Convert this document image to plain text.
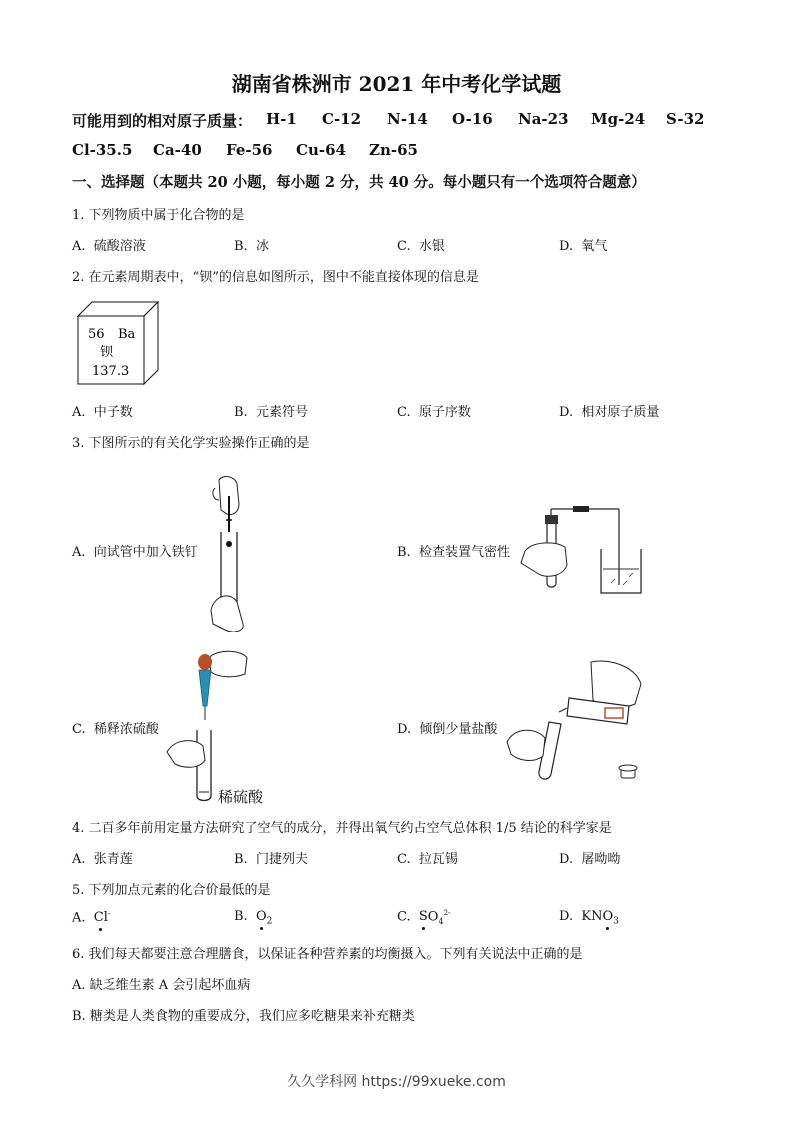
湖南省株洲市 2021 年中考化学试题
可能用到的相对原子质量： H-1 C-12 N-14 O-16 Na-23 Mg-24 S-32
Cl-35.5 Ca-40 Fe-56 Cu-64 Zn-65
一、选择题（本题共 20 小题，每小题 2 分，共 40 分。每小题只有一个选项符合题意）
1. 下列物质中属于化合物的是
A. 硫酸溶液	B. 冰	C. 水银	D. 氧气
2. 在元素周期表中，“钡”的信息如图所示，图中不能直接体现的信息是
56 Ba
钡
137.3
A. 中子数	B. 元素符号	C. 原子序数	D. 相对原子质量
3. 下图所示的有关化学实验操作正确的是
A. 向试管中加入铁钉	B. 检查装置气密性
稀硫酸
C. 稀释浓硫酸	D. 倾倒少量盐酸
4. 二百多年前用定量方法研究了空气的成分，并得出氧气约占空气总体积 1/5 结论的科学家是
A. 张青莲	B. 门捷列夫	C. 拉瓦锡	D. 屠呦呦
5. 下列加点元素的化合价最低的是
A. Cl-	B. $O_2$	C. $SO_4^{2-}$	D. $KNO_3$
6. 我们每天都要注意合理膳食，以保证各种营养素的均衡摄入。下列有关说法中正确的是
A. 缺乏维生素 A 会引起坏血病
B. 糖类是人类食物的重要成分，我们应多吃糖果来补充糖类
久久学科网 https://99xueke.com
